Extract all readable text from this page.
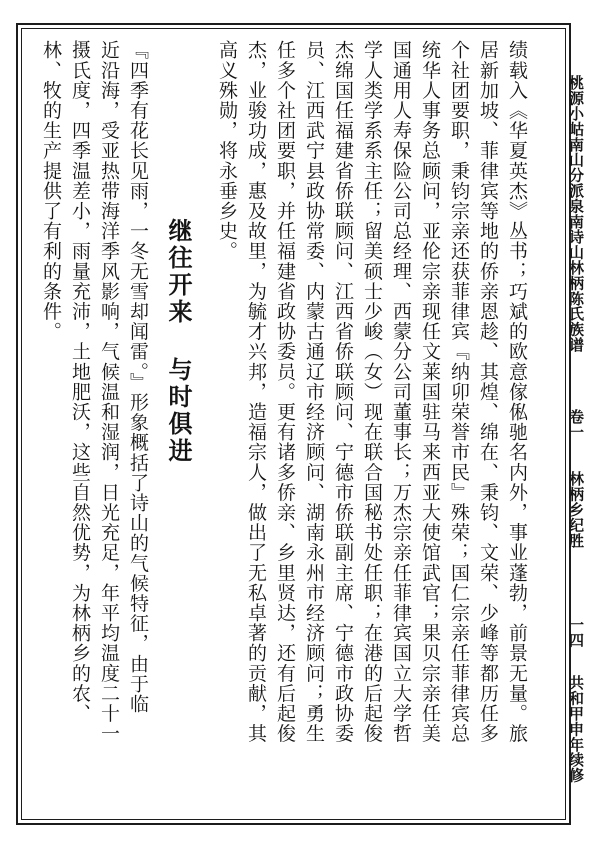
桃源小岵南山分派泉南诗山林柄陈氏族谱
卷一
林柄乡纪胜
一四
共和甲申年续修
绩载入《华夏英杰》丛书；巧斌的欧意傢俬驰名内外，事业蓬勃，前景无量。旅
居新加坡、菲律宾等地的侨亲恩趁、其煌、绵在、秉钧、文荣、少峰等都历任多
个社团要职，秉钧宗亲还获菲律宾『纳卯荣誉市民』殊荣；国仁宗亲任菲律宾总
统华人事务总顾问，亚伦宗亲现任文莱国驻马来西亚大使馆武官；果贝宗亲任美
国通用人寿保险公司总经理、西蒙分公司董事长；万杰宗亲任菲律宾国立大学哲
学人类学系系主任；留美硕士少峻（女）现在联合国秘书处任职；在港的后起俊
杰绵国任福建省侨联顾问、江西省侨联顾问、宁德市侨联副主席、宁德市政协委
员、江西武宁县政协常委、内蒙古通辽市经济顾问、湖南永州市经济顾问；勇生
任多个社团要职，并任福建省政协委员。更有诸多侨亲、乡里贤达，还有后起俊
杰，业骏功成，惠及故里，为毓才兴邦，造福宗人，做出了无私卓著的贡献，其
高义殊勋，将永垂乡史。
继往开来
与时俱进
『四季有花长见雨，一冬无雪却闻雷。』形象概括了诗山的气候特征，由于临
近沿海，受亚热带海洋季风影响，气候温和湿润，日光充足，年平均温度二十一
摄氏度，四季温差小，雨量充沛，土地肥沃，这些自然优势，为林柄乡的农、
林、牧的生产提供了有利的条件。
